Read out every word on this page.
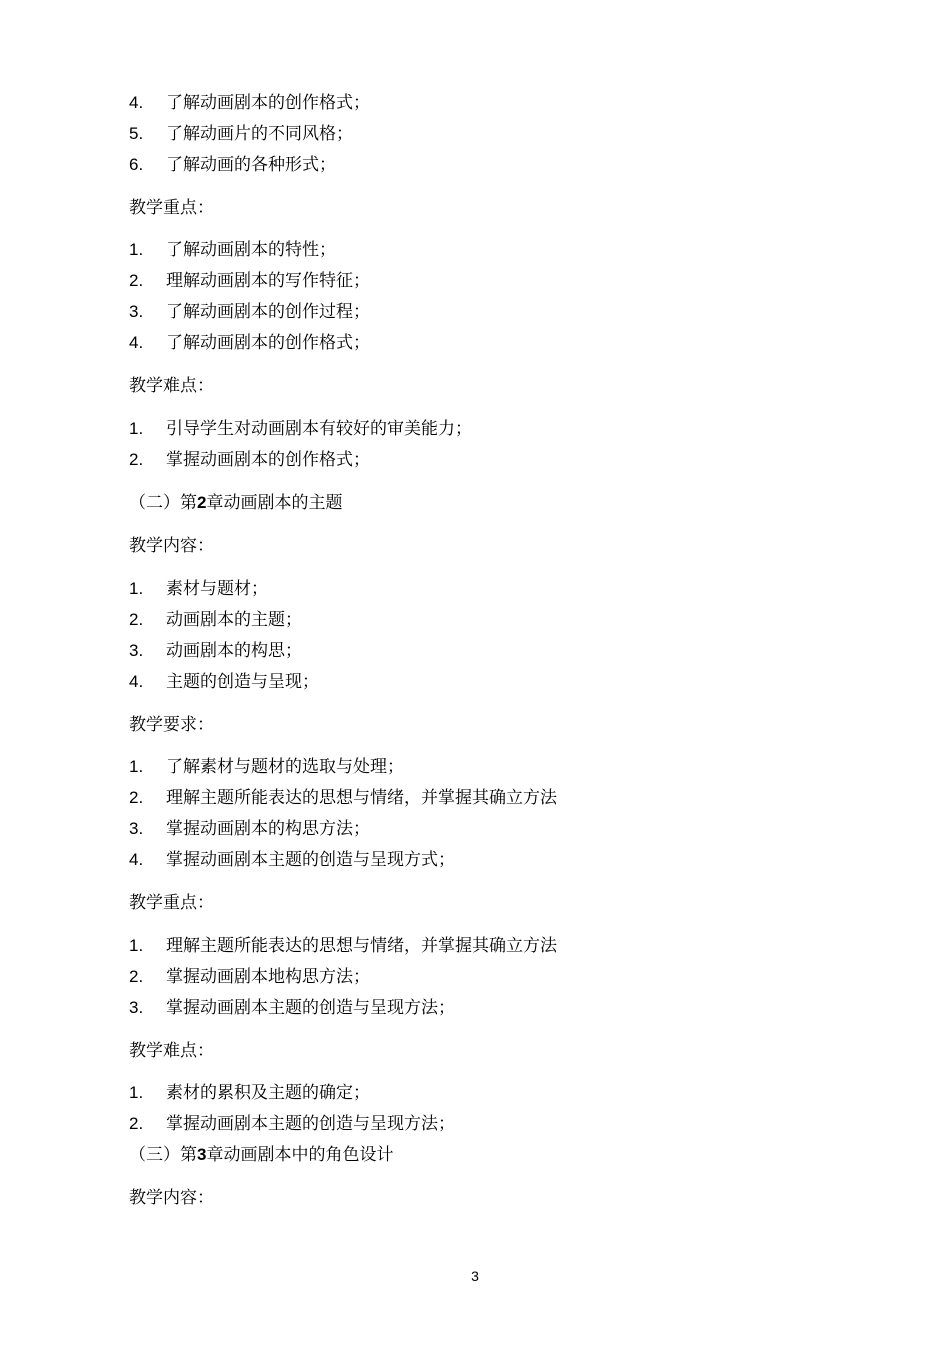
4. 了解动画剧本的创作格式；
5. 了解动画片的不同风格；
6. 了解动画的各种形式；
教学重点：
1. 了解动画剧本的特性；
2. 理解动画剧本的写作特征；
3. 了解动画剧本的创作过程；
4. 了解动画剧本的创作格式；
教学难点：
1. 引导学生对动画剧本有较好的审美能力；
2. 掌握动画剧本的创作格式；
（二）第2章动画剧本的主题
教学内容：
1. 素材与题材；
2. 动画剧本的主题；
3. 动画剧本的构思；
4. 主题的创造与呈现；
教学要求：
1. 了解素材与题材的选取与处理；
2. 理解主题所能表达的思想与情绪，并掌握其确立方法
3. 掌握动画剧本的构思方法；
4. 掌握动画剧本主题的创造与呈现方式；
教学重点：
1. 理解主题所能表达的思想与情绪，并掌握其确立方法
2. 掌握动画剧本地构思方法；
3. 掌握动画剧本主题的创造与呈现方法；
教学难点：
1. 素材的累积及主题的确定；
2. 掌握动画剧本主题的创造与呈现方法；
（三）第3章动画剧本中的角色设计
教学内容：
3
